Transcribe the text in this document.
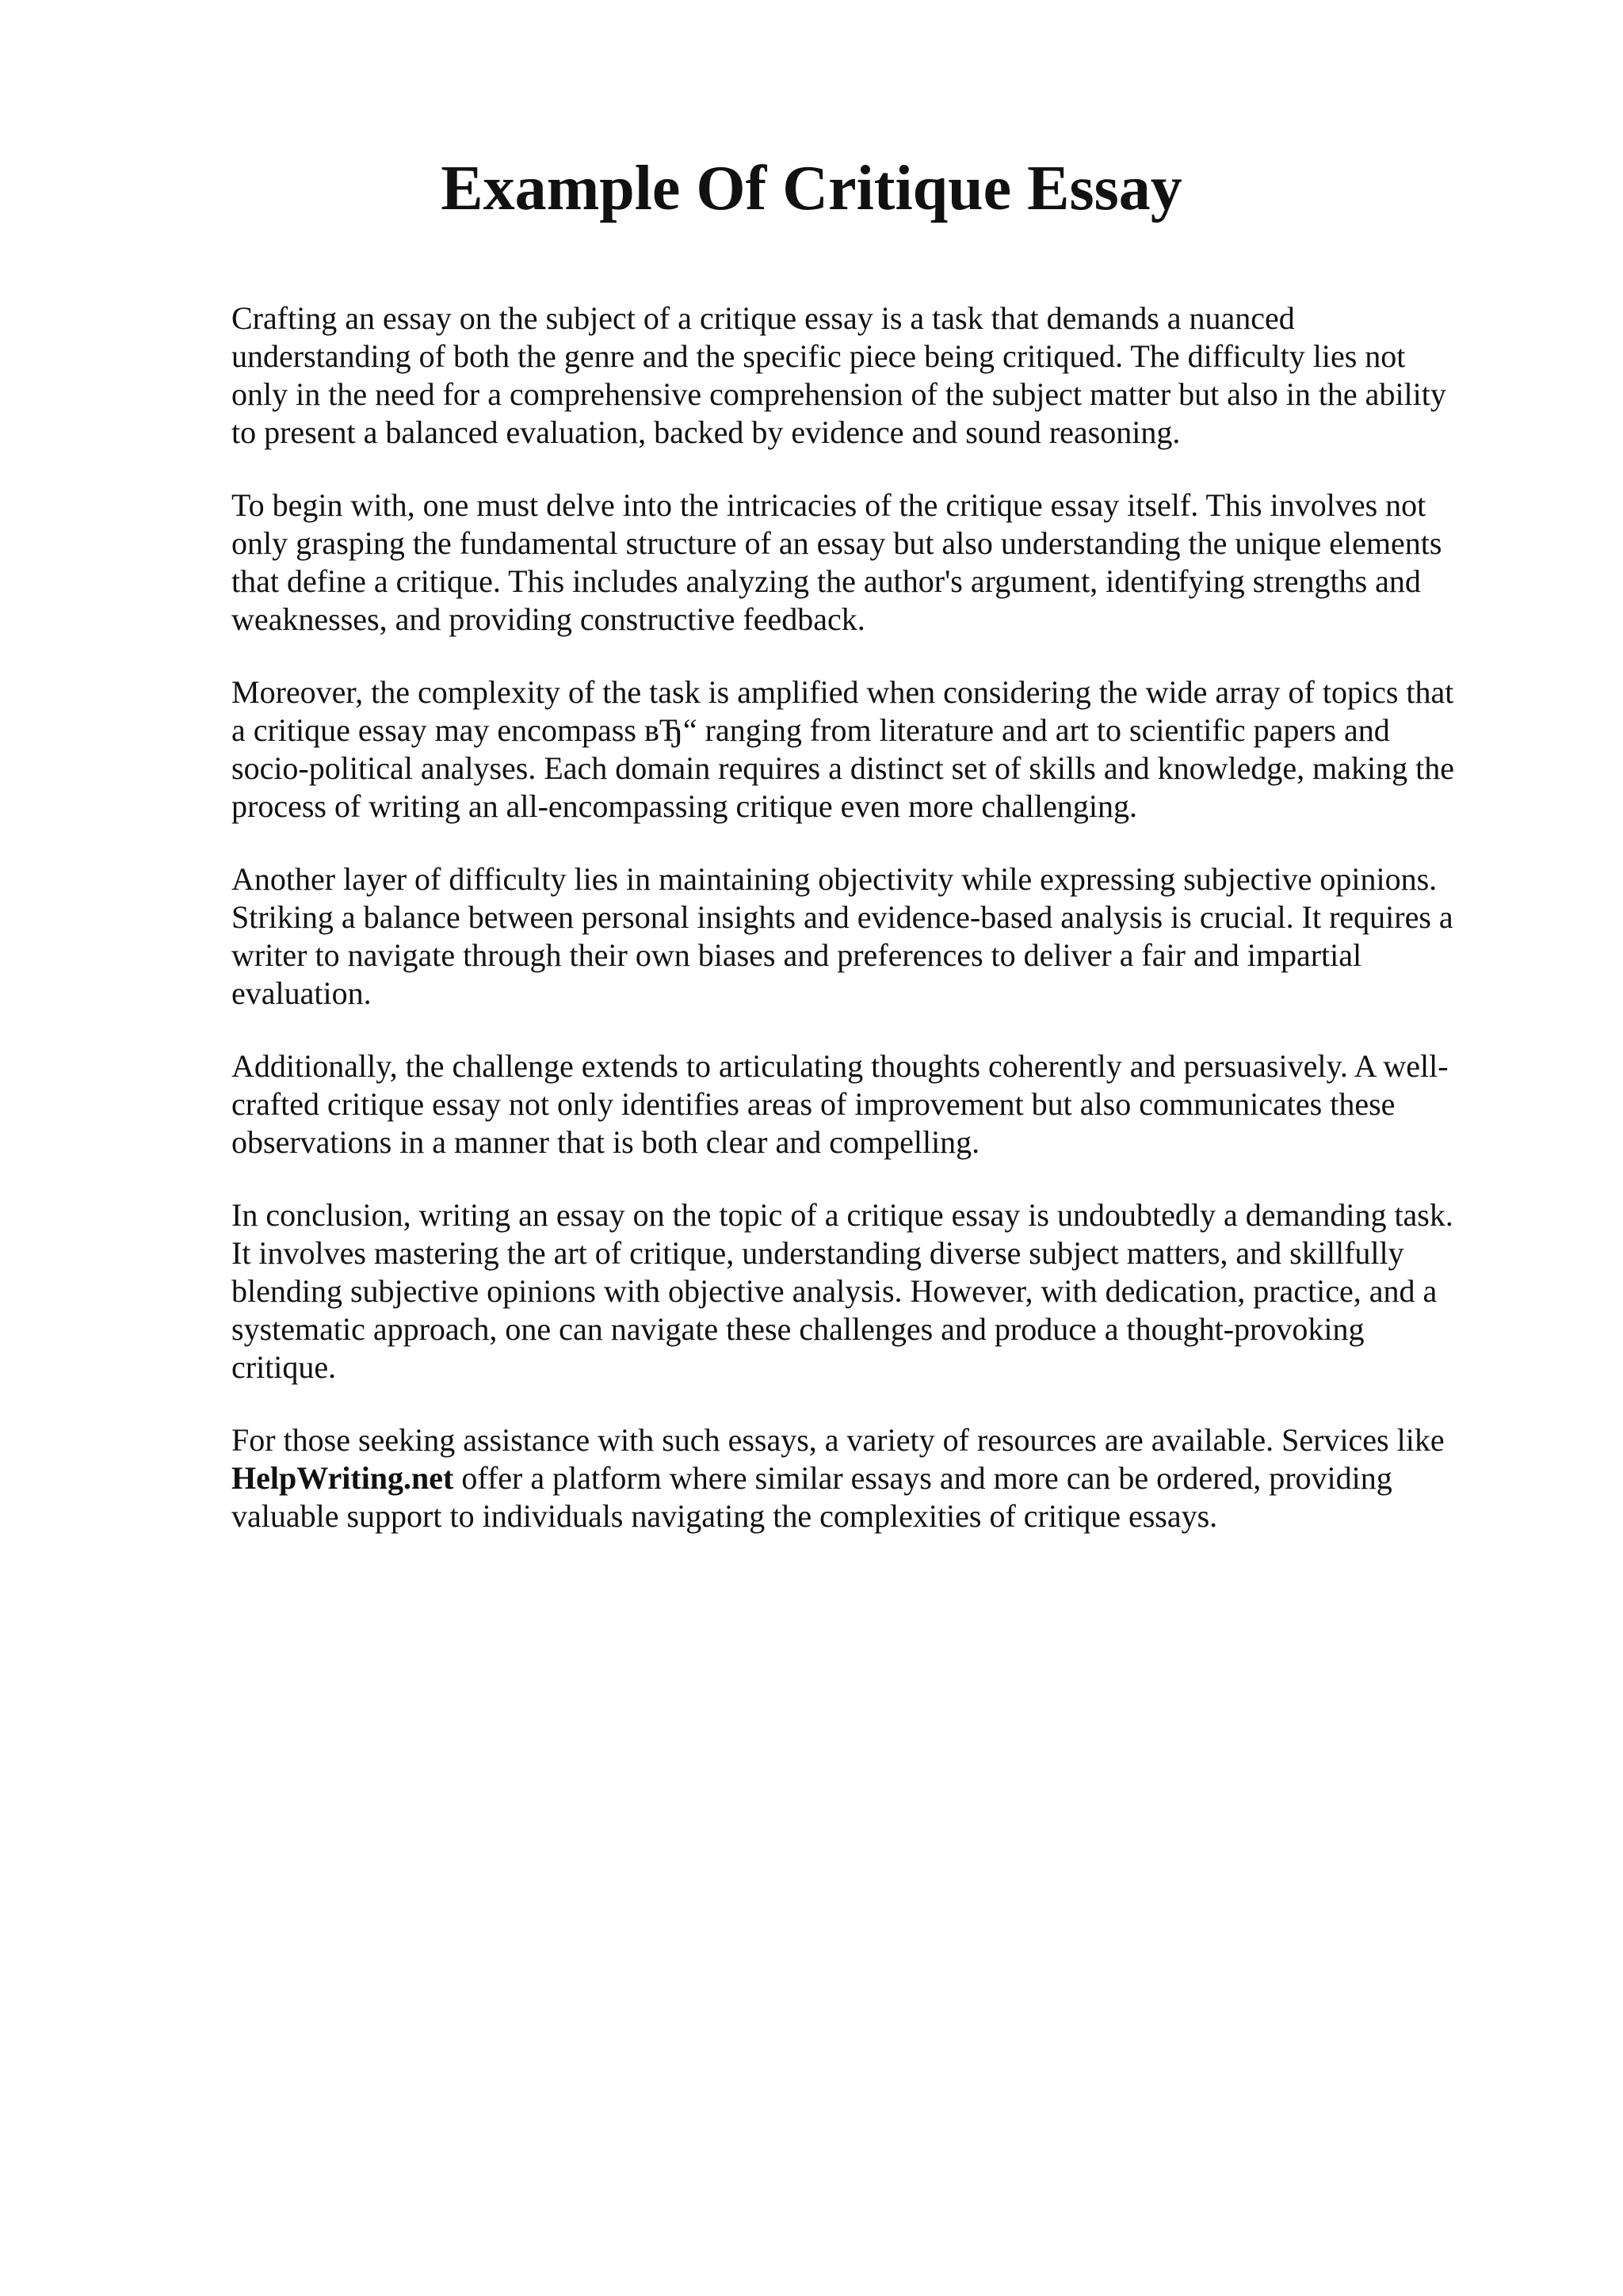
Example Of Critique Essay

Crafting an essay on the subject of a critique essay is a task that demands a nuanced
understanding of both the genre and the specific piece being critiqued. The difficulty lies not
only in the need for a comprehensive comprehension of the subject matter but also in the ability
to present a balanced evaluation, backed by evidence and sound reasoning.

To begin with, one must delve into the intricacies of the critique essay itself. This involves not
only grasping the fundamental structure of an essay but also understanding the unique elements
that define a critique. This includes analyzing the author's argument, identifying strengths and
weaknesses, and providing constructive feedback.

Moreover, the complexity of the task is amplified when considering the wide array of topics that
a critique essay may encompass вЂ“ ranging from literature and art to scientific papers and
socio-political analyses. Each domain requires a distinct set of skills and knowledge, making the
process of writing an all-encompassing critique even more challenging.

Another layer of difficulty lies in maintaining objectivity while expressing subjective opinions.
Striking a balance between personal insights and evidence-based analysis is crucial. It requires a
writer to navigate through their own biases and preferences to deliver a fair and impartial
evaluation.

Additionally, the challenge extends to articulating thoughts coherently and persuasively. A well-
crafted critique essay not only identifies areas of improvement but also communicates these
observations in a manner that is both clear and compelling.

In conclusion, writing an essay on the topic of a critique essay is undoubtedly a demanding task.
It involves mastering the art of critique, understanding diverse subject matters, and skillfully
blending subjective opinions with objective analysis. However, with dedication, practice, and a
systematic approach, one can navigate these challenges and produce a thought-provoking
critique.

For those seeking assistance with such essays, a variety of resources are available. Services like
HelpWriting.net offer a platform where similar essays and more can be ordered, providing
valuable support to individuals navigating the complexities of critique essays.
